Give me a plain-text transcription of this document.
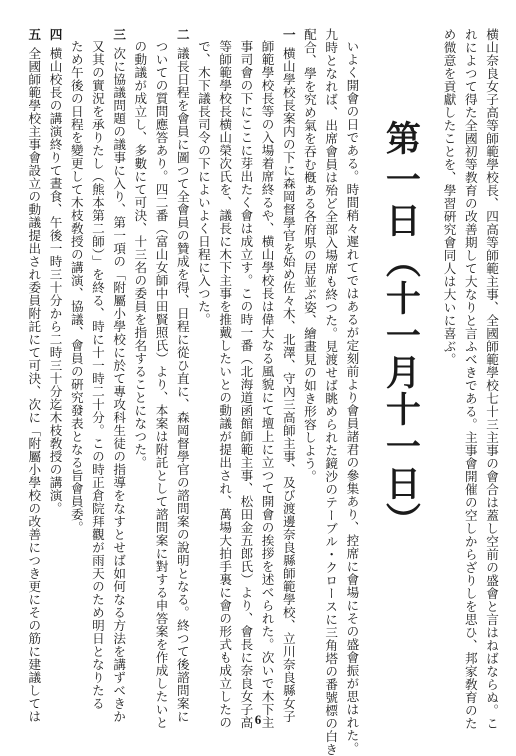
横山奈良女子高等師範學校長、四高等師範主事、全國師範學校七十三主事の會合は蓋し空前の盛會と言はねばならぬ。こ
れによつて得た全國初等教育の改善期して大なりと言ふべきである。主事會開催の空しからざりしを思ひ、邦家敎育のた
め微意を貢獻したことを、學習硏究會同人は大いに喜ぶ。
第一日（十一月十一日）
いよく開會の日である。時間稍々遲れてではあるが定刻前より會員諸君の參集あり、控席に會場にその盛會振が思はれた。
九時となれば、出席會員は殆ど全部入場席も終つた。見渡せば眺められた鏡沙のテーブル・クロースに三角塔の番號標の白き
配合、學を究め氣を吞む槪ある各府県の居並ぶ姿、繪畫見の如き形容しよう。
一横山學校長案内の下に森岡督學官を始め佐々木、北澤、守內三高師主事、及び渡邊奈良縣師範學校、立川奈良縣女子
師範學校長等の入場着席終るや、横山學校長は偉大なる風貌にて壇上に立つて開會の挨拶を述べられた。次いで木下主
事司會の下にここに芽出たく會は成立す。この時一番（北海道函館師範主事、松田金五郎氏）より、會長に奈良女子高
等師範學校長横山榮次氏を、議長に木下主事を推戴したいとの動議が提出され、萬場大拍手裏に會の形式も成立したの
で、木下議長司令の下によいよく日程に入つた。
二議長日程を會員に圖つて全會員の贊成を得、日程に從ひ直に、森岡督學官の諮問案の說明となる。終つて後諮問案に
ついての質問應答あり。四二番（富山女師中田賢照氏）より、本案は附託として諮問案に對する申答案を作成したいと
の動議が成立し、多數にて可決、十三名の委員を指名することになつた。
三次に協議問題の議事に入り、第一項の「附屬小學校に於て專攻科生徒の指導をなすとせば如何なる方法を講ずべきか
又其の實況を承りたし（熊本第二師）」を終る、時に十一時二十分。この時正倉院拜觀が雨天のため明日となりたる
ため午後の日程を變更して木枝敎授の講演、協議、會員の硏究發表となる旨會員委。
四横山校長の講演終りて晝食、午後一時三十分から二時三十分迄木枝敎授の講演。
五全國師範學校主事會設立の動議提出され委員附託にて可決、次に「附屬小學校の改善につき更にその筋に建議しては	6
